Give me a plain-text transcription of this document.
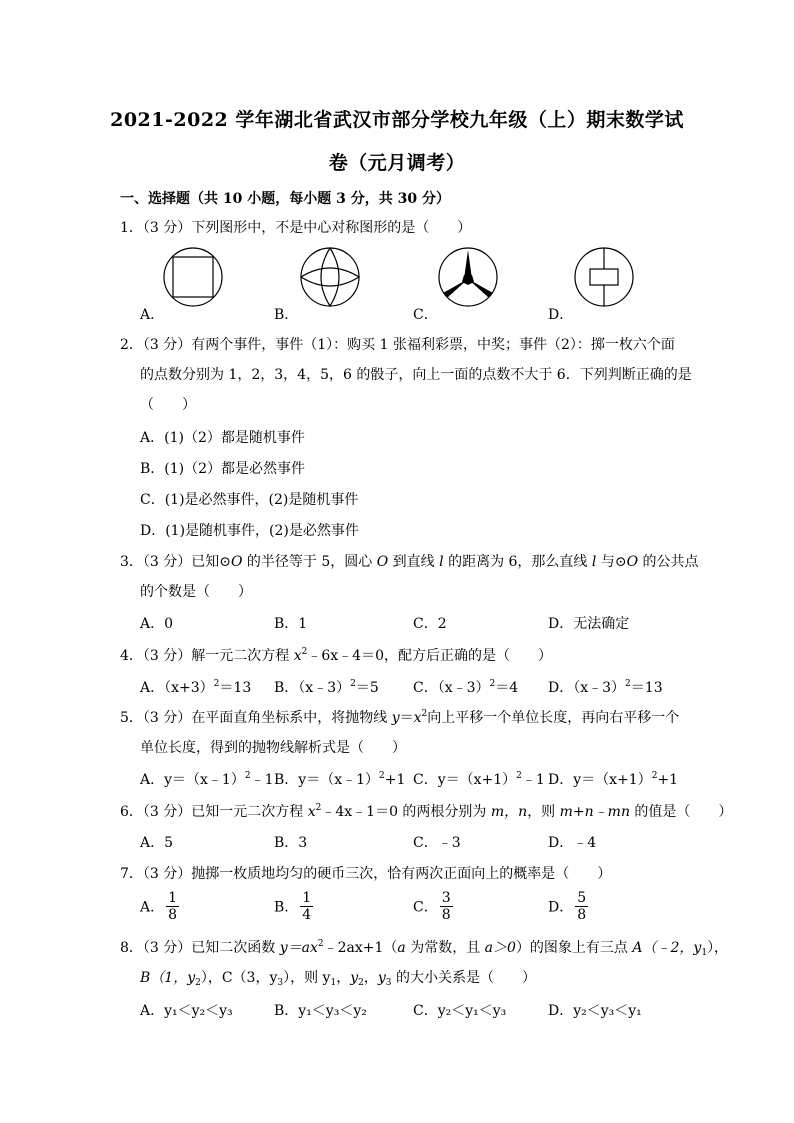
2021-2022 学年湖北省武汉市部分学校九年级（上）期末数学试
卷（元月调考）
一、选择题（共 10 小题，每小题 3 分，共 30 分）
1．（3 分）下列图形中，不是中心对称图形的是（　　）
A．	B．	C．	D．
2．（3 分）有两个事件，事件（1）：购买 1 张福利彩票，中奖；事件（2）：掷一枚六个面
的点数分别为 1，2，3，4，5，6 的骰子，向上一面的点数不大于 6．下列判断正确的是
（　　）
A．(1)（2）都是随机事件
B．(1)（2）都是必然事件
C．(1)是必然事件，(2)是随机事件
D．(1)是随机事件，(2)是必然事件
3．（3 分）已知⊙O 的半径等于 5，圆心 O 到直线 l 的距离为 6，那么直线 l 与⊙O 的公共点
的个数是（　　）
A．0	B．1	C．2	D．无法确定
4．（3 分）解一元二次方程 $x^2﹣6x﹣4=0$，配方后正确的是（　　）
A．$(x+3)^2=13$ B．（x﹣3）$^2$＝5 C．（x﹣3）$^2$＝4 D．（x﹣3）$^2$＝13
5．（3 分）在平面直角坐标系中，将抛物线 $y=x^2$向上平移一个单位长度，再向右平移一个
单位长度，得到的抛物线解析式是（　　）
A．y＝（x﹣1）$^2$﹣1 B．y＝（x﹣1）$^2$+1 C．$y=(x+1)^2﹣1$ D．$y=(x+1)^2+1$
6．（3 分）已知一元二次方程 $x^2﹣4x﹣1=0$ 的两根分别为 m，n，则 m+n﹣mn 的值是（　　）
A．5	B．3	C．﹣3	D．﹣4
7．（3 分）抛掷一枚质地均匀的硬币三次，恰有两次正面向上的概率是（　　）
A． $\frac{1}{8}$	B． $\frac{1}{4}$	C． $\frac{3}{8}$	D． $\frac{5}{8}$
8．（3 分）已知二次函数 $y=ax^2﹣2ax+1(a$ 为常数，且 a＞0）的图象上有三点 A（﹣2，$y_1$），
B（1，$y_2$），C（3，$y_3$），则 $y_1$，$y_2$，$y_3$ 的大小关系是（　　）
A．y₁＜y₂＜y₃	B．y₁＜y₃＜y₂	C．y₂＜y₁＜y₃	D．y₂＜y₃＜y₁
